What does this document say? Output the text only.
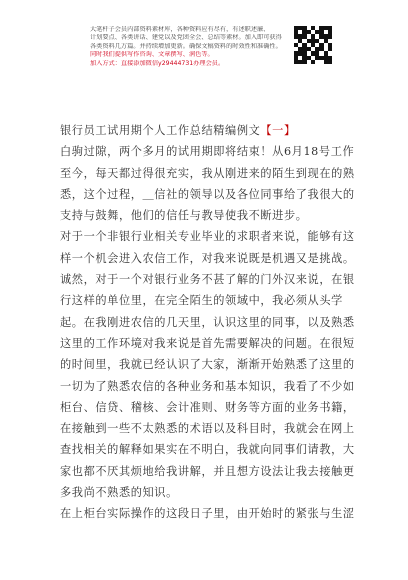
大笔杆子会员内部资料素材库，各种资料应有尽有，有述职述廉、
计划要点、各类讲话、建党以及党团全会、总结等素材。加入即可获得
各类资料几万篇。并持续增加更新。确保文稿资料的时效性和准确性。
同时我们提供写作咨询、文章撰写、润色等。
加入方式：直接添加微信y29444731办理会员。

银行员工试用期个人工作总结精编例文【一】

白驹过隙，两个多月的试用期即将结束！从6月18号工作至今，每天都过得很充实，我从刚进来的陌生到现在的熟悉，这个过程，＿信社的领导以及各位同事给了我很大的支持与鼓舞，他们的信任与教导使我不断进步。

对于一个非银行业相关专业毕业的求职者来说，能够有这样一个机会进入农信工作，对我来说既是机遇又是挑战。诚然，对于一个对银行业务不甚了解的门外汉来说，在银行这样的单位里，在完全陌生的领域中，我必须从头学起。在我刚进农信的几天里，认识这里的同事，以及熟悉这里的工作环境对我来说是首先需要解决的问题。在很短的时间里，我就已经认识了大家，渐渐开始熟悉了这里的一切为了熟悉农信的各种业务和基本知识，我看了不少如柜台、信贷、稽核、会计准则、财务等方面的业务书籍，在接触到一些不太熟悉的术语以及科目时，我就会在网上查找相关的解释如果实在不明白，我就向同事们请教，大家也都不厌其烦地给我讲解，并且想方设法让我去接触更多我尚不熟悉的知识。

在上柜台实际操作的这段日子里，由开始时的紧张与生涩
